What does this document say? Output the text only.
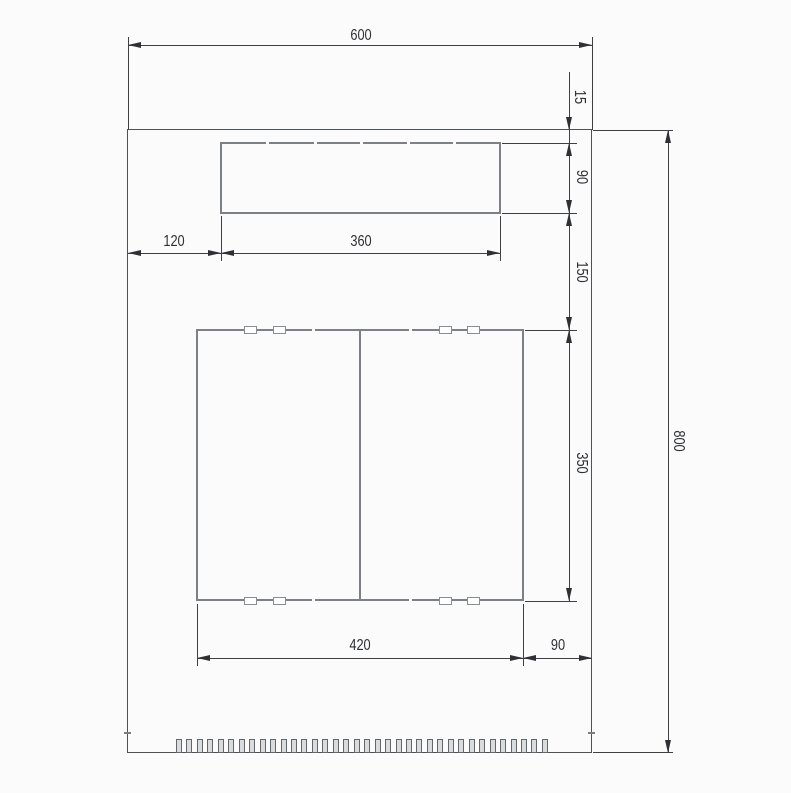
600
15
90
120	360
150
350
800
420	90
